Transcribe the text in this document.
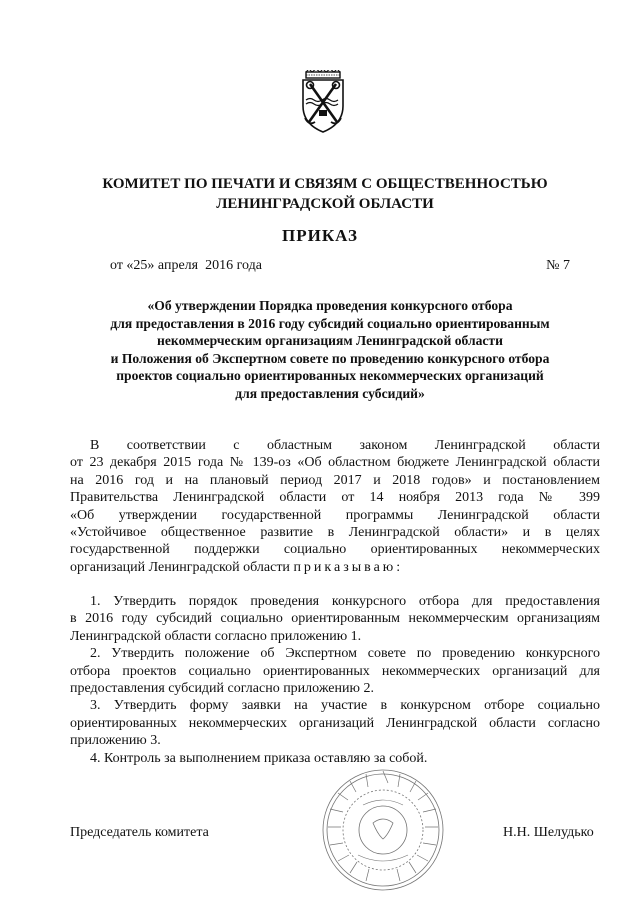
КОМИТЕТ ПО ПЕЧАТИ И СВЯЗЯМ С ОБЩЕСТВЕННОСТЬЮ
ЛЕНИНГРАДСКОЙ ОБЛАСТИ
ПРИКАЗ
от «25» апреля  2016 года	№ 7
«Об утверждении Порядка проведения конкурсного отбора
для предоставления в 2016 году субсидий социально ориентированным
некоммерческим организациям Ленинградской области
и Положения об Экспертном совете по проведению конкурсного отбора
проектов социально ориентированных некоммерческих организаций
для предоставления субсидий»
В соответствии с областным законом Ленинградской области
от 23 декабря 2015 года № 139-оз «Об областном бюджете Ленинградской области
на 2016 год и на плановый период 2017 и 2018 годов» и постановлением
Правительства Ленинградской области от 14 ноября 2013 года № 399
«Об утверждении государственной программы Ленинградской области
«Устойчивое общественное развитие в Ленинградской области» и в целях
государственной поддержки социально ориентированных некоммерческих
организаций Ленинградской области приказываю:
1. Утвердить порядок проведения конкурсного отбора для предоставления
в 2016 году субсидий социально ориентированным некоммерческим организациям
Ленинградской области согласно приложению 1.
2. Утвердить положение об Экспертном совете по проведению конкурсного
отбора проектов социально ориентированных некоммерческих организаций для
предоставления субсидий согласно приложению 2.
3. Утвердить форму заявки на участие в конкурсном отборе социально
ориентированных некоммерческих организаций Ленинградской области согласно
приложению 3.
4. Контроль за выполнением приказа оставляю за собой.
Председатель комитета	Н.Н. Шелудько
